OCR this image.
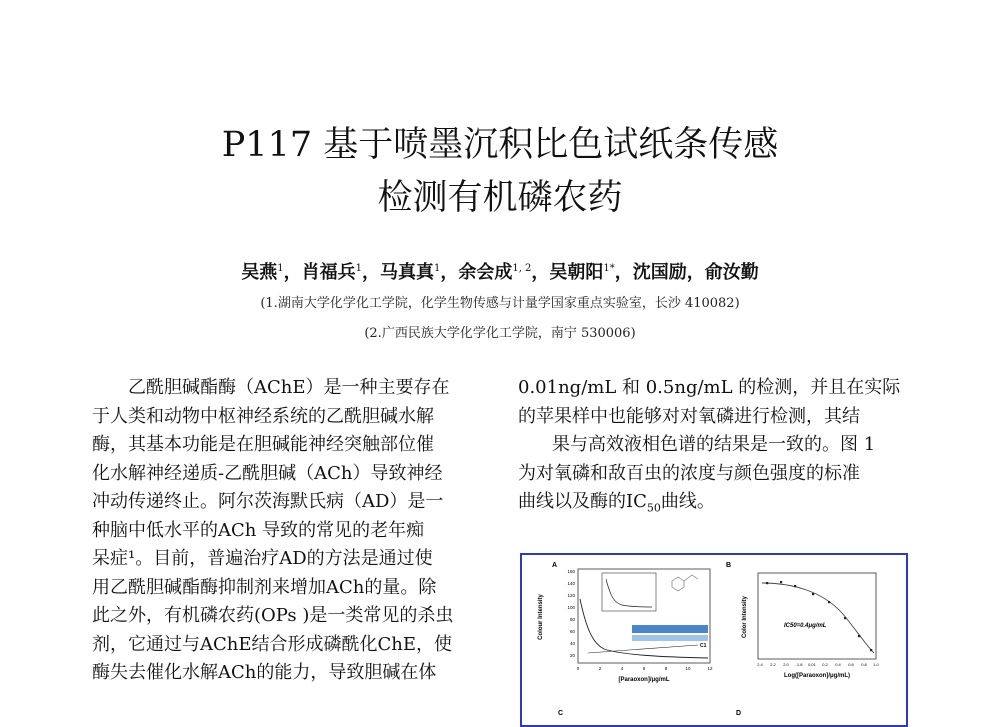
P117 基于喷墨沉积比色试纸条传感
检测有机磷农药
吴燕$^1$，肖福兵$^1$，马真真$^1$，余会成$^{1, 2}$，吴朝阳$^{1*}$，沈国励，俞汝勤
(1.湖南大学化学化工学院，化学生物传感与计量学国家重点实验室，长沙 410082)
(2.广西民族大学化学化工学院，南宁 530006)

　　乙酰胆碱酯酶（AChE）是一种主要存在

于人类和动物中枢神经系统的乙酰胆碱水解

酶，其基本功能是在胆碱能神经突触部位催

化水解神经递质-乙酰胆碱（ACh）导致神经

冲动传递终止。阿尔茨海默氏病（AD）是一

种脑中低水平的ACh 导致的常见的老年痴

呆症¹。目前，普遍治疗AD的方法是通过使

用乙酰胆碱酯酶抑制剂来增加ACh的量。除

此之外，有机磷农药(OPs )是一类常见的杀虫

剂，它通过与AChE结合形成磷酰化ChE，使

酶失去催化水解ACh的能力，导致胆碱在体

0.01ng/mL 和 0.5ng/mL 的检测，并且在实际

的苹果样中也能够对对氧磷进行检测，其结

果与高效液相色谱的结果是一致的。图 1

为对氧磷和敌百虫的浓度与颜色强度的标准

曲线以及酶的$IC_{50}$曲线。

A
C
Colour Intensity
[Paraoxon]/μg/mL
0	2	4	6	8	10	12
160
140
120
100
80
60
40
20
C1
B
D
Color Intensity
Log([Paraoxon]/μg/mL)
2.4 2.2 2.0 -1.8 0.01 0.2 0.4 0.6 0.8 1.0
IC50=0.4μg/mL
